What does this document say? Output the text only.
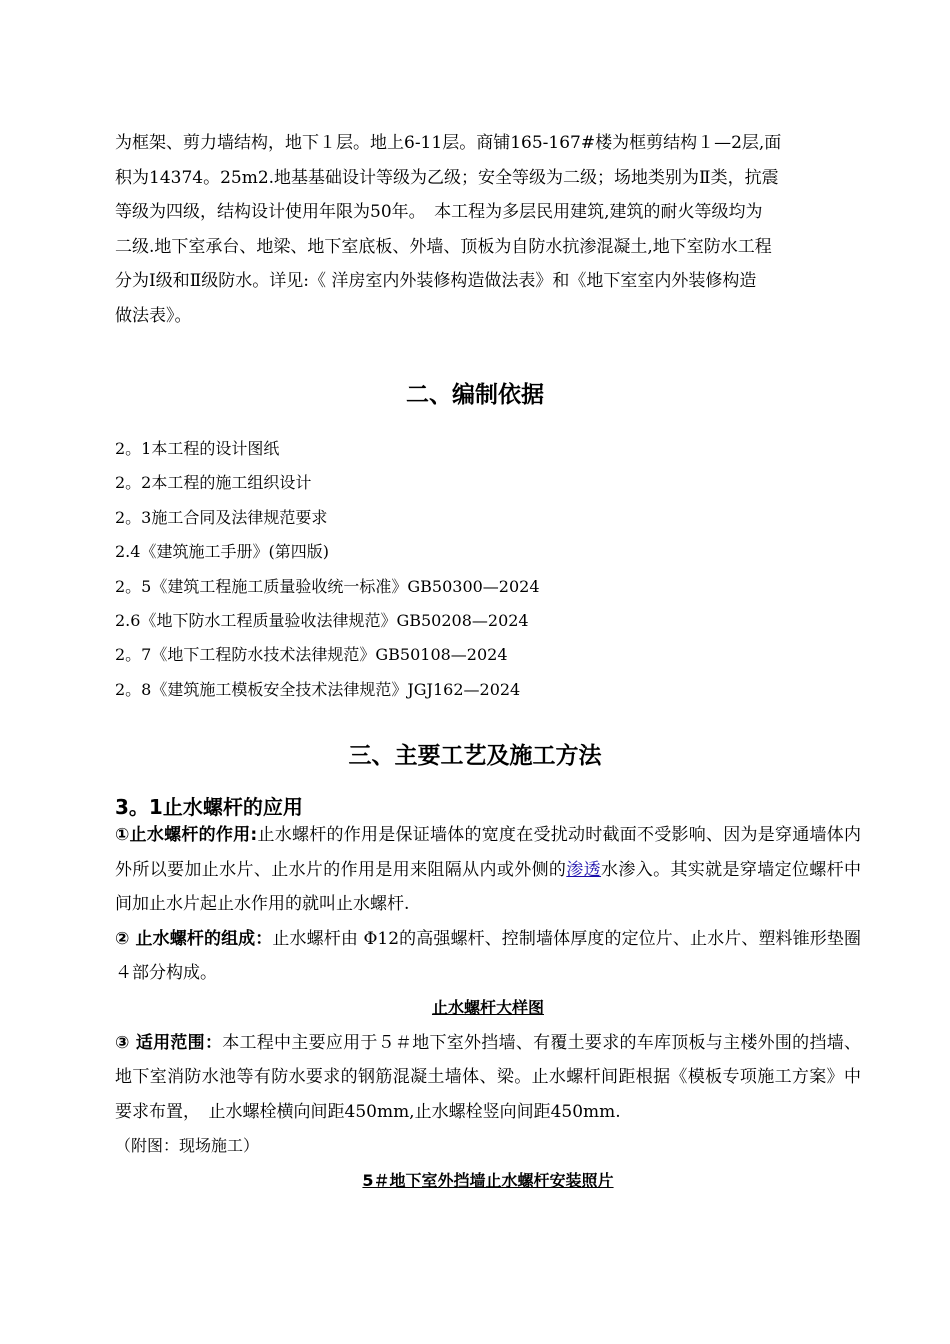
为框架、剪力墙结构，地下１层。地上6-11层。商铺165-167#楼为框剪结构１—2层,面
积为14374。25m2.地基基础设计等级为乙级；安全等级为二级；场地类别为Ⅱ类，抗震
等级为四级，结构设计使用年限为50年。　本工程为多层民用建筑,建筑的耐火等级均为
二级.地下室承台、地梁、地下室底板、外墙、顶板为自防水抗渗混凝土,地下室防水工程
分为Ⅰ级和Ⅱ级防水。详见:《 洋房室内外装修构造做法表》和《地下室室内外装修构造
做法表》。
二、编制依据
2。1本工程的设计图纸
2。2本工程的施工组织设计
2。3施工合同及法律规范要求
2.4《建筑施工手册》(第四版)
2。5《建筑工程施工质量验收统一标准》GB50300—2024
2.6《地下防水工程质量验收法律规范》GB50208—2024
2。7《地下工程防水技术法律规范》GB50108—2024
2。8《建筑施工模板安全技术法律规范》JGJ162—2024
三、主要工艺及施工方法
3。1止水螺杆的应用

①止水螺杆的作用:止水螺杆的作用是保证墙体的宽度在受扰动时截面不受影响、因为是穿通墙体内外所以要加止水片、止水片的作用是用来阻隔从内或外侧的渗透水渗入。其实就是穿墙定位螺杆中间加止水片起止水作用的就叫止水螺杆.

② 止水螺杆的组成：止水螺杆由 Φ12的高强螺杆、控制墙体厚度的定位片、止水片、塑料锥形垫圈４部分构成。

止水螺杆大样图

③ 适用范围：本工程中主要应用于５＃地下室外挡墙、有覆土要求的车库顶板与主楼外围的挡墙、地下室消防水池等有防水要求的钢筋混凝土墙体、梁。止水螺杆间距根据《模板专项施工方案》中要求布置，　止水螺栓横向间距450mm,止水螺栓竖向间距450mm.

（附图：现场施工）

5＃地下室外挡墙止水螺杆安装照片
